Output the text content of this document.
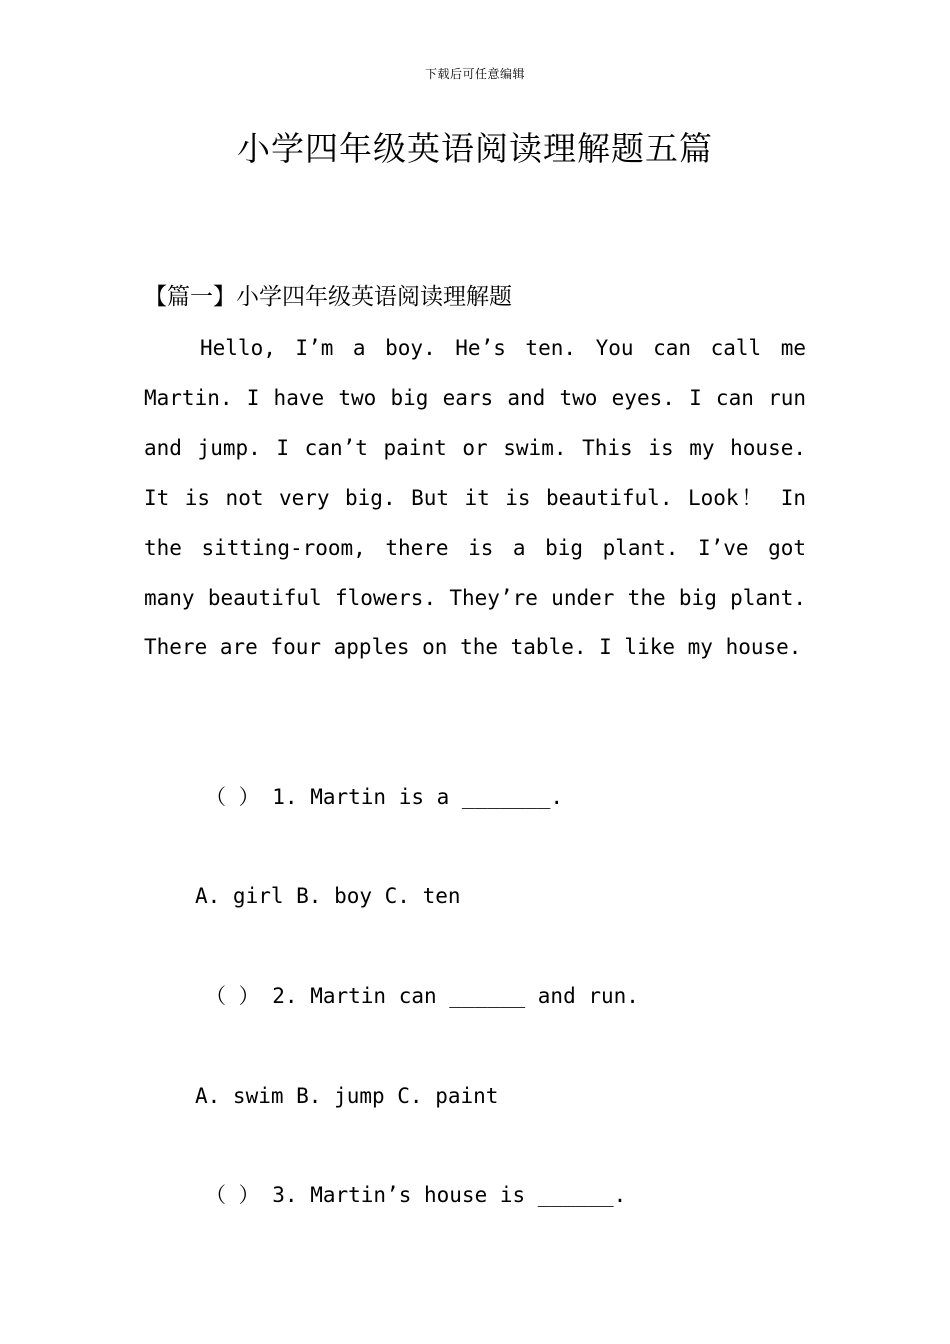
下载后可任意编辑
小学四年级英语阅读理解题五篇
【篇一】小学四年级英语阅读理解题

Hello, I’m a boy. He’s ten. You can call me Martin. I have two big ears and two eyes. I can run and jump. I can’t paint or swim. This is my house. It is not very big. But it is beautiful. Look！ In the sitting-room, there is a big plant. I’ve got many beautiful flowers. They’re under the big plant. There are four apples on the table. I like my house.

（ ） 1. Martin is a _______.
A. girl B. boy C. ten
（ ） 2. Martin can ______ and run.
A. swim B. jump C. paint
（ ） 3. Martin’s house is ______.
